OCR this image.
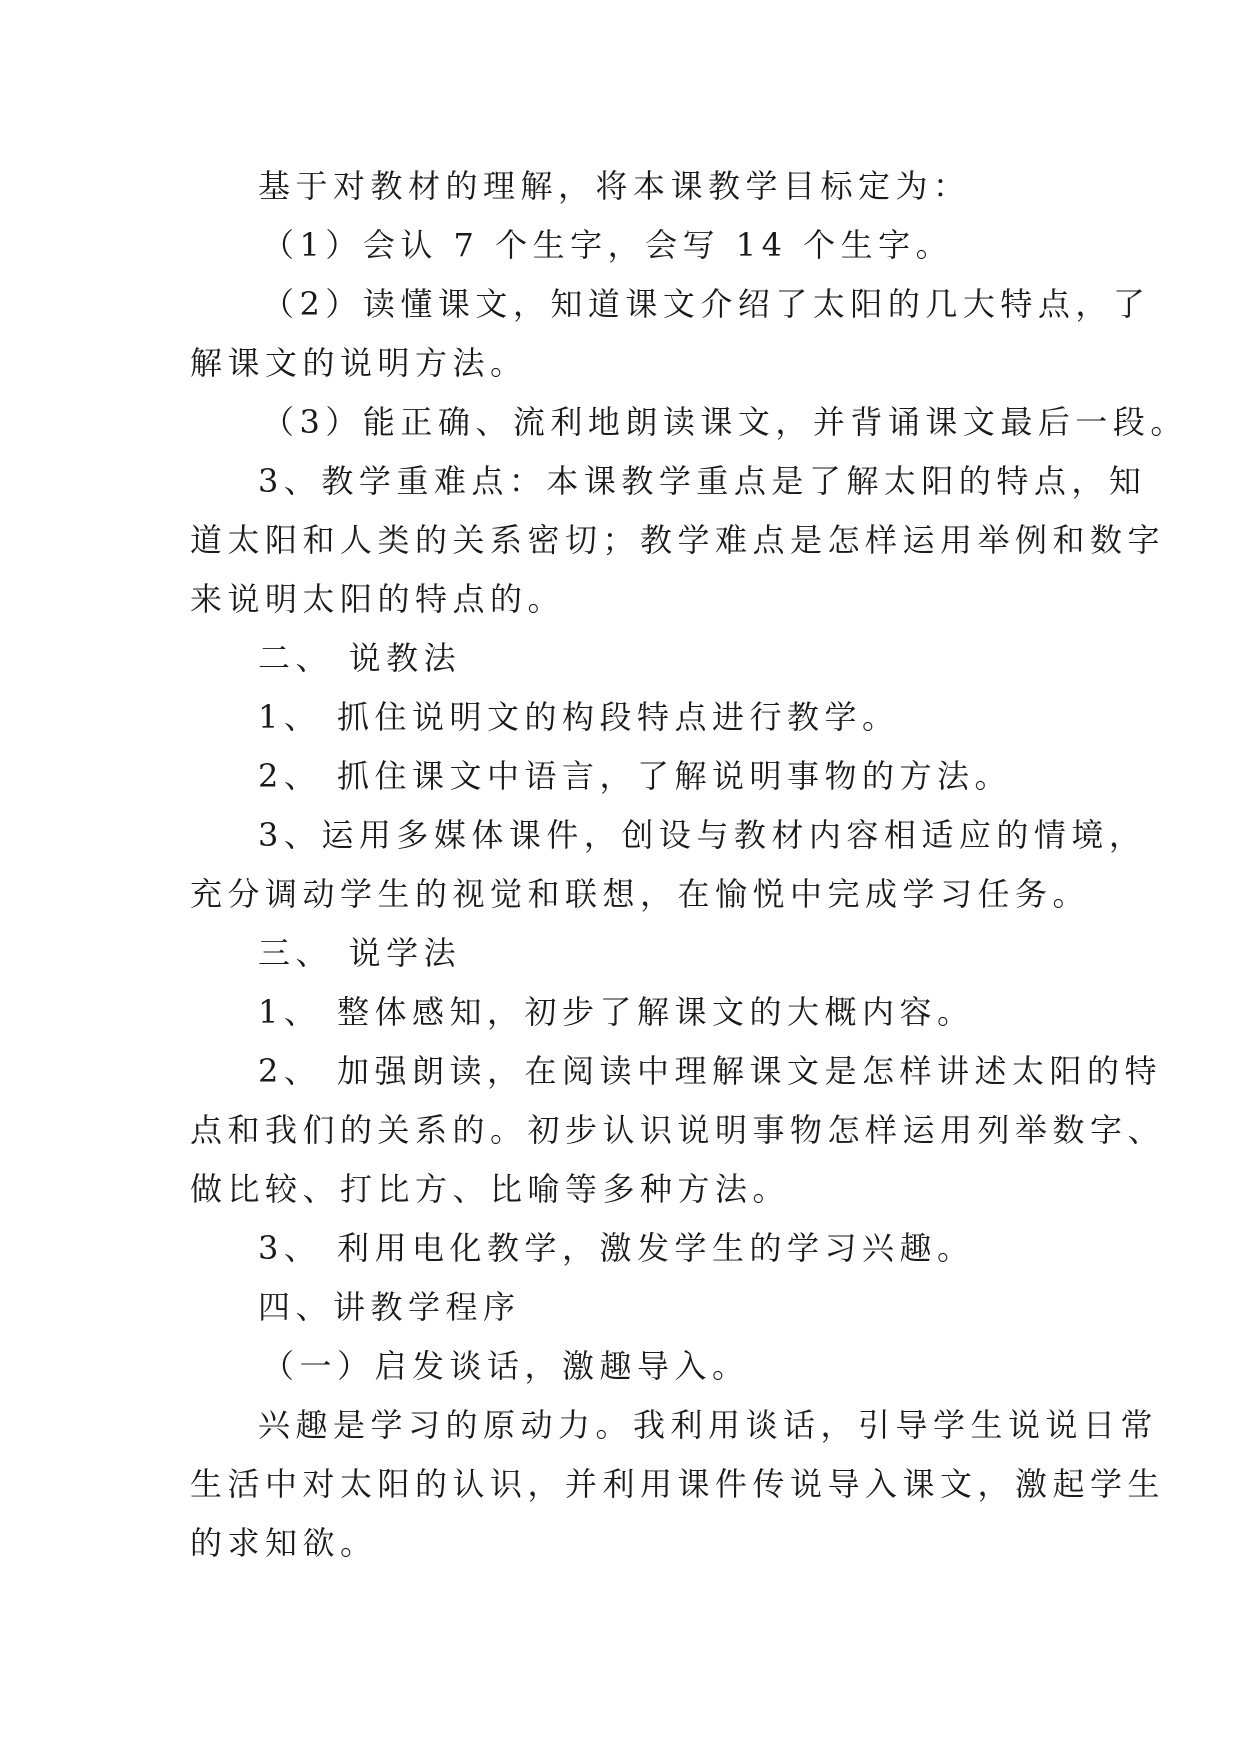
基于对教材的理解，将本课教学目标定为：
（1）会认 7 个生字，会写 14 个生字。
（2）读懂课文，知道课文介绍了太阳的几大特点，了
解课文的说明方法。
（3）能正确、流利地朗读课文，并背诵课文最后一段。
3、教学重难点：本课教学重点是了解太阳的特点，知
道太阳和人类的关系密切；教学难点是怎样运用举例和数字
来说明太阳的特点的。
二、 说教法
1、 抓住说明文的构段特点进行教学。
2、 抓住课文中语言，了解说明事物的方法。
3、运用多媒体课件，创设与教材内容相适应的情境，
充分调动学生的视觉和联想，在愉悦中完成学习任务。
三、 说学法
1、 整体感知，初步了解课文的大概内容。
2、 加强朗读，在阅读中理解课文是怎样讲述太阳的特
点和我们的关系的。初步认识说明事物怎样运用列举数字、
做比较、打比方、比喻等多种方法。
3、 利用电化教学，激发学生的学习兴趣。
四、讲教学程序
（一）启发谈话，激趣导入。
兴趣是学习的原动力。我利用谈话，引导学生说说日常
生活中对太阳的认识，并利用课件传说导入课文，激起学生
的求知欲。
